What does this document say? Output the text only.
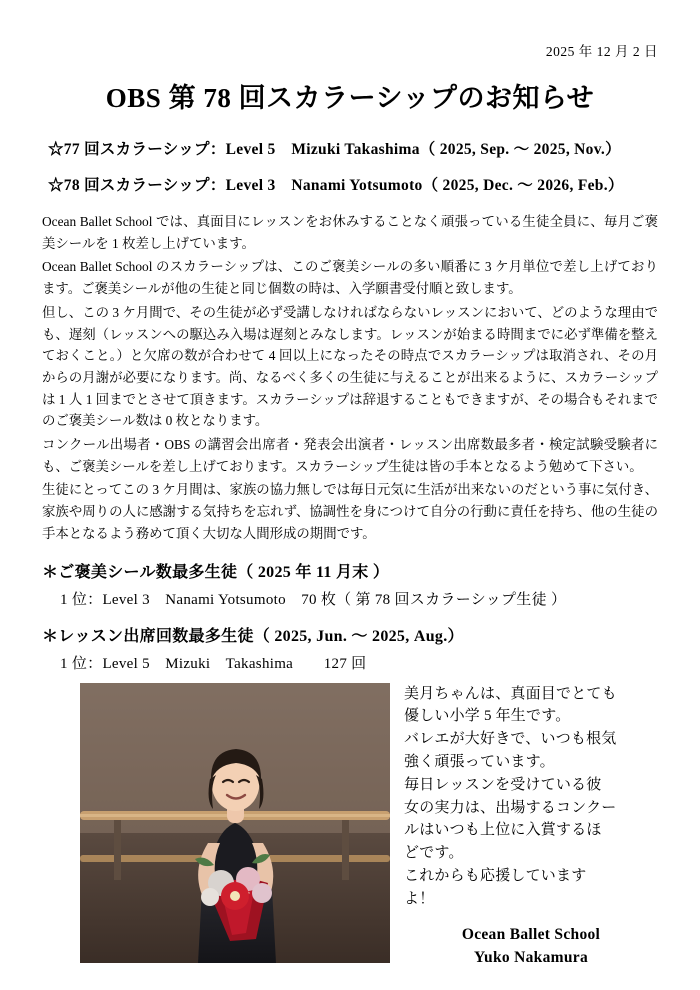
2025 年 12 月 2 日
OBS 第 78 回スカラーシップのお知らせ
☆77 回スカラーシップ：Level 5　Mizuki Takashima（ 2025, Sep. 〜 2025, Nov.）
☆78 回スカラーシップ：Level 3　Nanami Yotsumoto（ 2025, Dec. 〜 2026, Feb.）

Ocean Ballet School では、真面目にレッスンをお休みすることなく頑張っている生徒全員に、毎月ご褒美シールを 1 枚差し上げています。

Ocean Ballet School のスカラーシップは、このご褒美シールの多い順番に 3 ケ月単位で差し上げております。ご褒美シールが他の生徒と同じ個数の時は、入学願書受付順と致します。

但し、この 3 ケ月間で、その生徒が必ず受講しなければならないレッスンにおいて、どのような理由でも、遅刻（レッスンへの駆込み入場は遅刻とみなします。レッスンが始まる時間までに必ず準備を整えておくこと。）と欠席の数が合わせて 4 回以上になったその時点でスカラーシップは取消され、その月からの月謝が必要になります。尚、なるべく多くの生徒に与えることが出来るように、スカラーシップは 1 人 1 回までとさせて頂きます。スカラーシップは辞退することもできますが、その場合もそれまでのご褒美シール数は 0 枚となります。

コンクール出場者・OBS の講習会出席者・発表会出演者・レッスン出席数最多者・検定試験受験者にも、ご褒美シールを差し上げております。スカラーシップ生徒は皆の手本となるよう勉めて下さい。

生徒にとってこの 3 ケ月間は、家族の協力無しでは毎日元気に生活が出来ないのだという事に気付き、家族や周りの人に感謝する気持ちを忘れず、協調性を身につけて自分の行動に責任を持ち、他の生徒の手本となるよう務めて頂く大切な人間形成の期間です。

＊ご褒美シール数最多生徒（ 2025 年 11 月末 ）
1 位：Level 3　Nanami Yotsumoto　70 枚（ 第 78 回スカラーシップ生徒 ）
＊レッスン出席回数最多生徒（ 2025, Jun. 〜 2025, Aug.）
1 位：Level 5　Mizuki　Takashima　　127 回

美月ちゃんは、真面目でとても

優しい小学 5 年生です。

バレエが大好きで、いつも根気

強く頑張っています。

毎日レッスンを受けている彼

女の実力は、出場するコンクー

ルはいつも上位に入賞するほ

どです。

これからも応援しています

よ！

Ocean Ballet School
Yuko Nakamura
